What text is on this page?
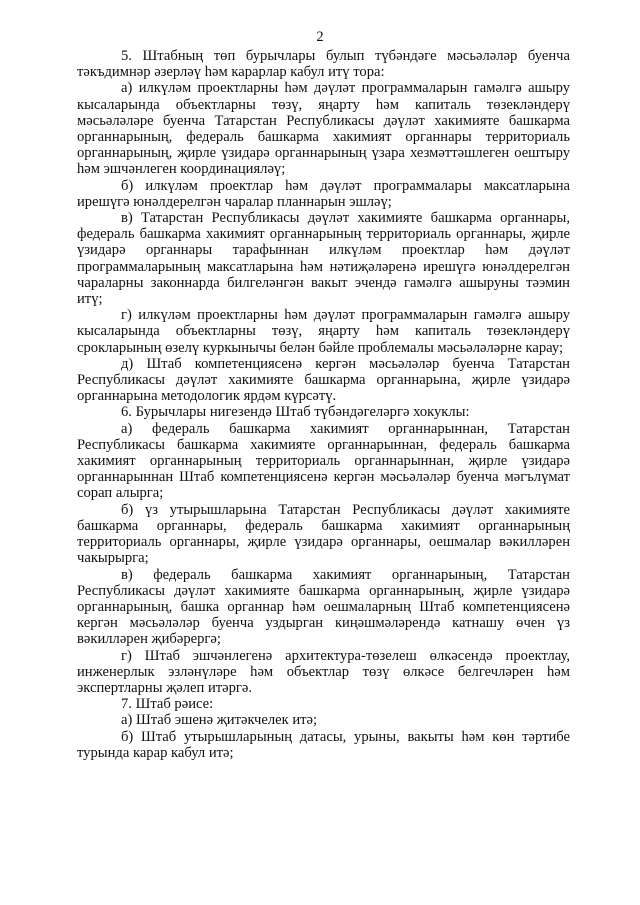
2

5. Штабның төп бурычлары булып түбәндәге мәсьәләләр буенча тәкъдимнәр әзерләү һәм карарлар кабул итү тора:

а) илкүләм проектларны һәм дәүләт программаларын гамәлгә ашыру кысаларында объектларны төзү, яңарту һәм капиталь төзекләндерү мәсьәләләре буенча Татарстан Республикасы дәүләт хакимияте башкарма органнарының, федераль башкарма хакимият органнары территориаль органнарының, җирле үзидарә органнарының үзара хезмәттәшлеген оештыру һәм эшчәнлеген координацияләү;

б) илкүләм проектлар һәм дәүләт программалары максатларына ирешүгә юнәлдерелгән чаралар планнарын эшләү;

в) Татарстан Республикасы дәүләт хакимияте башкарма органнары, федераль башкарма хакимият органнарының территориаль органнары, җирле үзидарә органнары тарафыннан илкүләм проектлар һәм дәүләт программаларының максатларына һәм нәтиҗәләренә ирешүгә юнәлдерелгән чараларны законнарда билгеләнгән вакыт эчендә гамәлгә ашыруны тәэмин итү;

г) илкүләм проектларны һәм дәүләт программаларын гамәлгә ашыру кысаларында объектларны төзү, яңарту һәм капиталь төзекләндерү срокларының өзелү куркынычы белән бәйле проблемалы мәсьәләләрне карау;

д) Штаб компетенциясенә кергән мәсьәләләр буенча Татарстан Республикасы дәүләт хакимияте башкарма органнарына, җирле үзидарә органнарына методологик ярдәм күрсәтү.

6. Бурычлары нигезендә Штаб түбәндәгеләргә хокуклы:

а) федераль башкарма хакимият органнарыннан, Татарстан Республикасы башкарма хакимияте органнарыннан, федераль башкарма хакимият органнарының территориаль органнарыннан, җирле үзидарә органнарыннан Штаб компетенциясенә кергән мәсьәләләр буенча мәгълүмат сорап алырга;

б) үз утырышларына Татарстан Республикасы дәүләт хакимияте башкарма органнары, федераль башкарма хакимият органнарының территориаль органнары, җирле үзидарә органнары, оешмалар вәкилләрен чакырырга;

в) федераль башкарма хакимият органнарының, Татарстан Республикасы дәүләт хакимияте башкарма органнарының, җирле үзидарә органнарының, башка органнар һәм оешмаларның Штаб компетенциясенә кергән мәсьәләләр буенча уздырган киңәшмәләрендә катнашу өчен үз вәкилләрен җибәрергә;

г) Штаб эшчәнлегенә архитектура-төзелеш өлкәсендә проектлау, инженерлык эзләнүләре һәм объектлар төзү өлкәсе белгечләрен һәм экспертларны җәлеп итәргә.

7. Штаб рәисе:

а) Штаб эшенә җитәкчелек итә;

б) Штаб утырышларының датасы, урыны, вакыты һәм көн тәртибе турында карар кабул итә;
